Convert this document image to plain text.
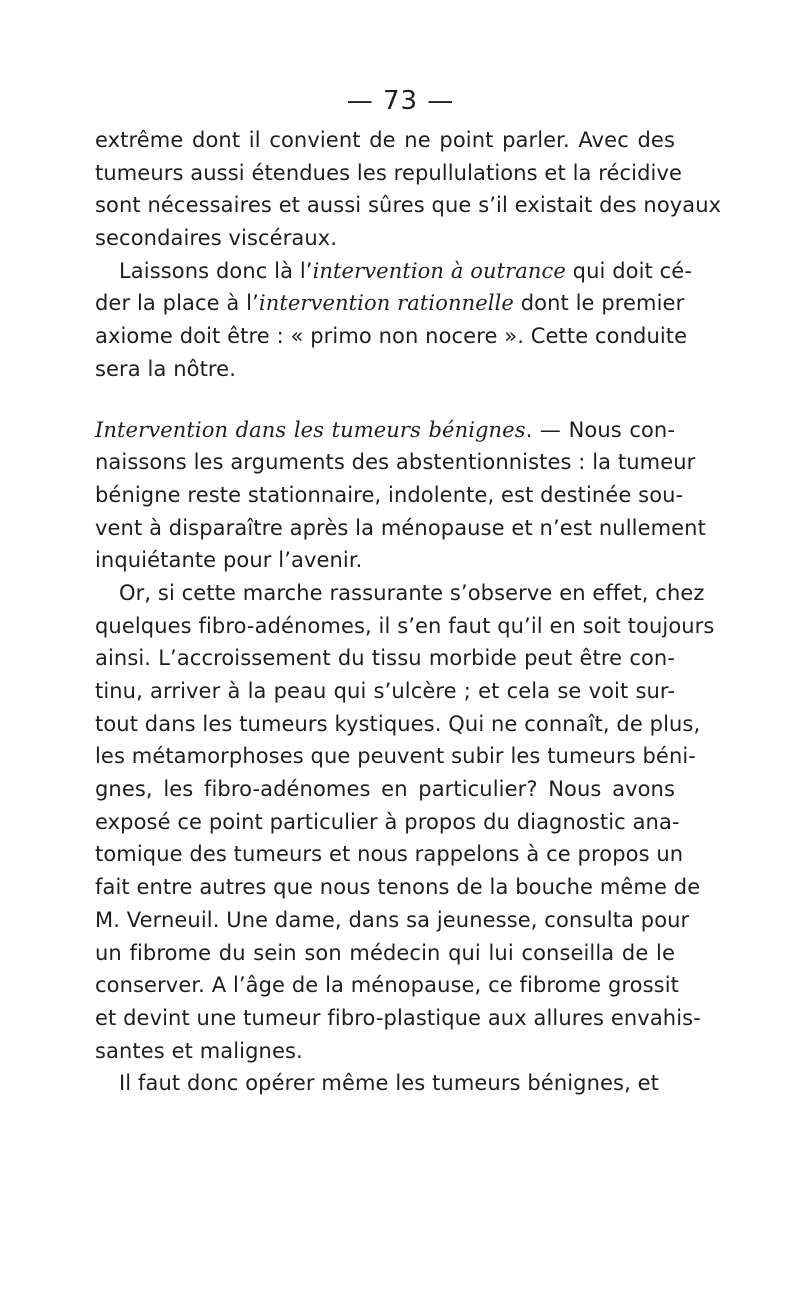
— 73 —
extrême dont il convient de ne point parler. Avec des
tumeurs aussi étendues les repullulations et la récidive
sont nécessaires et aussi sûres que s’il existait des noyaux
secondaires viscéraux.
Laissons donc là l’intervention à outrance qui doit cé-
der la place à l’intervention rationnelle dont le premier
axiome doit être : « primo non nocere ». Cette conduite
sera la nôtre.
Intervention dans les tumeurs bénignes. — Nous con-
naissons les arguments des abstentionnistes : la tumeur
bénigne reste stationnaire, indolente, est destinée sou-
vent à disparaître après la ménopause et n’est nullement
inquiétante pour l’avenir.
Or, si cette marche rassurante s’observe en effet, chez
quelques fibro-adénomes, il s’en faut qu’il en soit toujours
ainsi. L’accroissement du tissu morbide peut être con-
tinu, arriver à la peau qui s’ulcère ; et cela se voit sur-
tout dans les tumeurs kystiques. Qui ne connaît, de plus,
les métamorphoses que peuvent subir les tumeurs béni-
gnes, les fibro-adénomes en particulier? Nous avons
exposé ce point particulier à propos du diagnostic ana-
tomique des tumeurs et nous rappelons à ce propos un
fait entre autres que nous tenons de la bouche même de
M. Verneuil. Une dame, dans sa jeunesse, consulta pour
un fibrome du sein son médecin qui lui conseilla de le
conserver. A l’âge de la ménopause, ce fibrome grossit
et devint une tumeur fibro-plastique aux allures envahis-
santes et malignes.
Il faut donc opérer même les tumeurs bénignes, et
